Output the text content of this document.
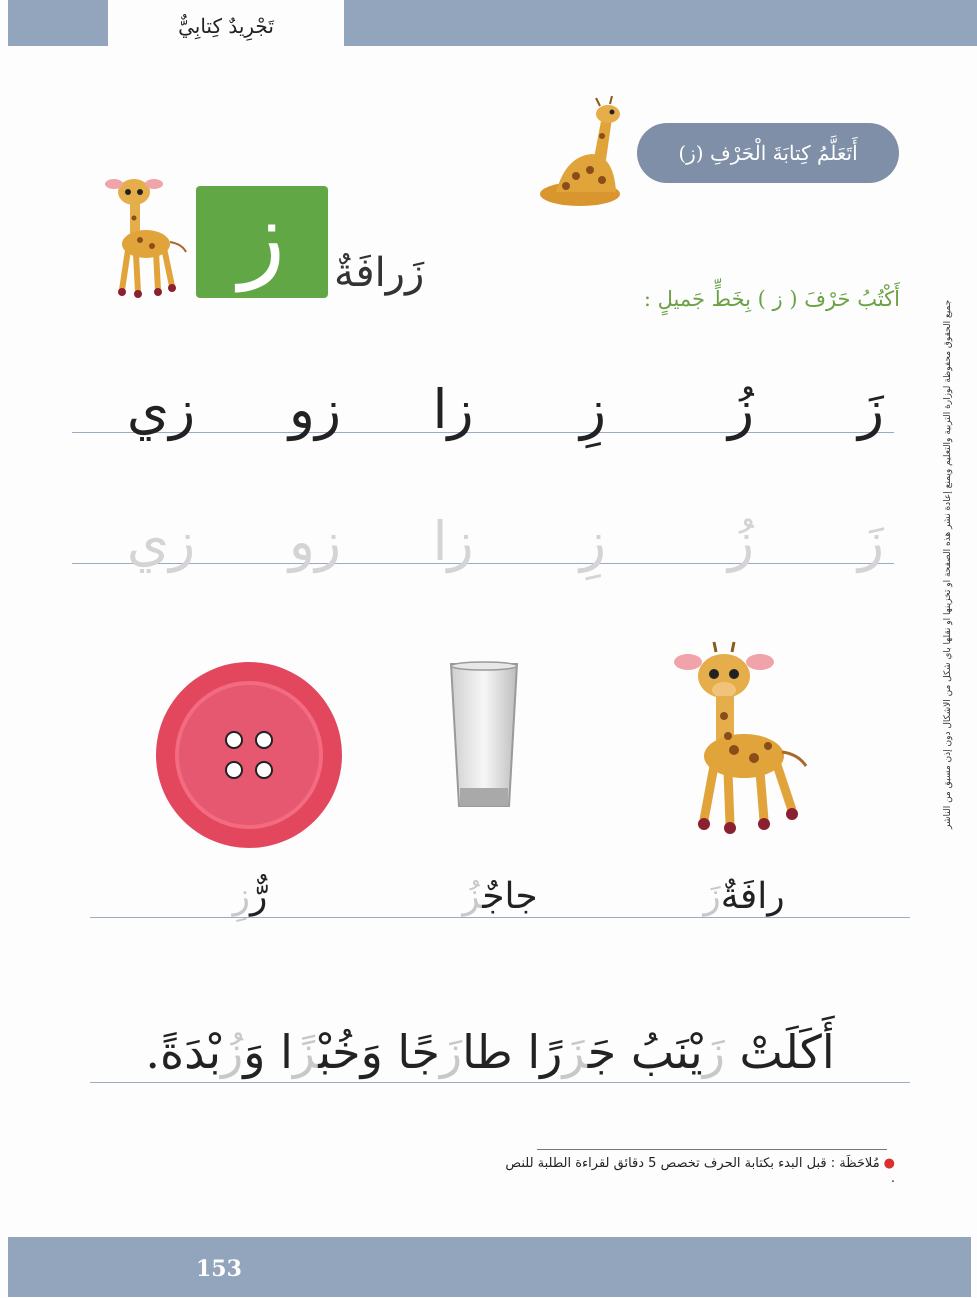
تَجْرِيدٌ كِتابِيٌّ
جميع الحقوق محفوظة لوزارة التربية والتعليم ويمنع إعادة نشر هذه الصفحة أو تخزينها أو نقلها بأي شكل من الأشكال دون إذن مسبق من الناشر
أَتَعَلَّمُ كِتابَةَ الْحَرْفِ (ز)
ز	زَرافَةٌ
أَكْتُبُ حَرْفَ ( ز ) بِخَطٍّ جَميلٍ :
زَ
زُ
زِ
زا
زو
زي
زَ
زُ
زِ
زا
زو
زي
رافَةٌزَ
جاجٌزُ
رٌّزِ
أَكَلَتْ زَيْنَبُ جَزَرًا طازَجًا وَخُبْزًا وَزُبْدَةً.
●مُلاحَظَة : قبل البدء بكتابة الحرف تخصص 5 دقائق لقراءة الطلبة للنص .
153
